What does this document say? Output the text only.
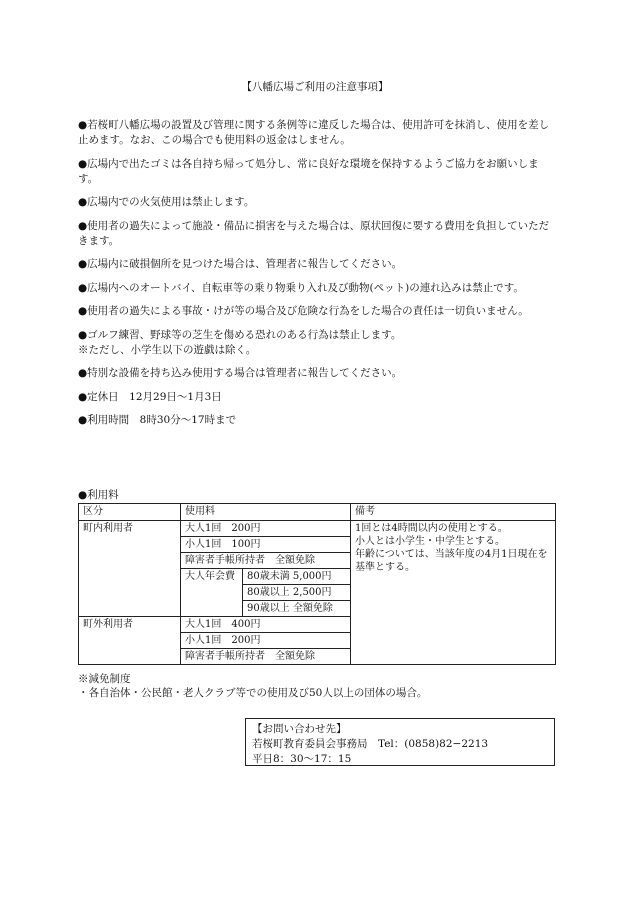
【八幡広場ご利用の注意事項】

●若桜町八幡広場の設置及び管理に関する条例等に違反した場合は、使用許可を抹消し、使用を差し止めます。なお、この場合でも使用料の返金はしません。

●広場内で出たゴミは各自持ち帰って処分し、常に良好な環境を保持するようご協力をお願いします。

●広場内での火気使用は禁止します。

●使用者の過失によって施設・備品に損害を与えた場合は、原状回復に要する費用を負担していただきます。

●広場内に破損個所を見つけた場合は、管理者に報告してください。

●広場内へのオートバイ、自転車等の乗り物乗り入れ及び動物(ペット)の連れ込みは禁止です。

●使用者の過失による事故・けが等の場合及び危険な行為をした場合の責任は一切負いません。

●ゴルフ練習、野球等の芝生を傷める恐れのある行為は禁止します。

※ただし、小学生以下の遊戯は除く。

●特別な設備を持ち込み使用する場合は管理者に報告してください。

●定休日　12月29日〜1月3日

●利用時間　8時30分〜17時まで

●利用料
区分	使用料		備考
町内利用者	大人1回　200円		1回とは4時間以内の使用とする。
小人とは小学生・中学生とする。
年齢については、当該年度の4月1日現在を基準とする。

	小人1回　100円		
	障害者手帳所持者　全額免除		
	大人年会費	80歳未満 5,000円	
		80歳以上 2,500円	
		90歳以上 全額免除	
町外利用者	大人1回　400円		
	小人1回　200円		
	障害者手帳所持者　全額免除		
※減免制度
・各自治体・公民館・老人クラブ等での使用及び50人以上の団体の場合。
【お問い合わせ先】
若桜町教育委員会事務局　Tel：(0858)82−2213
平日8：30〜17：15
